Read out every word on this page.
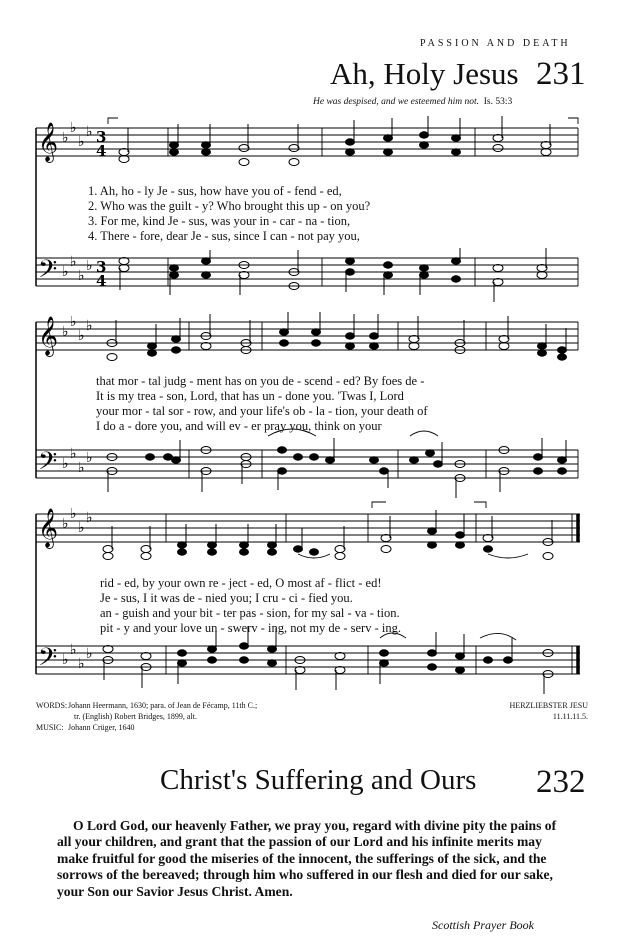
PASSION AND DEATH
Ah, Holy Jesus 231
He was despised, and we esteemed him not. Is. 53:3
𝄞
𝄢
♭
♭
♭
♭
♭
♭
♭
♭
3
4
3
4
1. Ah, ho - ly Je - sus, how have you of - fend - ed,
2. Who was the guilt - y? Who brought this up - on you?
3. For me, kind Je - sus, was your in - car - na - tion,
4. There - fore, dear Je - sus, since I can - not pay you,
𝄞
𝄢
♭
♭
♭
♭
♭
♭
♭
♭
that mor - tal judg - ment has on you de - scend - ed? By foes de -
It is my trea - son, Lord, that has un - done you. 'Twas I, Lord
your mor - tal sor - row, and your life's ob - la - tion, your death of
I do a - dore you, and will ev - er pray you, think on your
𝄞
𝄢
♭
♭
♭
♭
♭
♭
♭
♭
rid - ed, by your own re - ject - ed, O most af - flict - ed!
Je - sus, I it was de - nied you; I cru - ci - fied you.
an - guish and your bit - ter pas - sion, for my sal - va - tion.
pit - y and your love un - swerv - ing, not my de - serv - ing.
WORDS: Johann Heermann, 1630; para. of Jean de Fécamp, 11th C.;
tr. (English) Robert Bridges, 1899, alt.
MUSIC: Johann Crüger, 1640
HERZLIEBSTER JESU
11.11.11.5.
Christ's Suffering and Ours 232
O Lord God, our heavenly Father, we pray you, regard with divine pity the pains of all your children, and grant that the passion of our Lord and his infinite merits may make fruitful for good the miseries of the innocent, the sufferings of the sick, and the sorrows of the bereaved; through him who suffered in our flesh and died for our sake, your Son our Savior Jesus Christ. Amen.
Scottish Prayer Book
